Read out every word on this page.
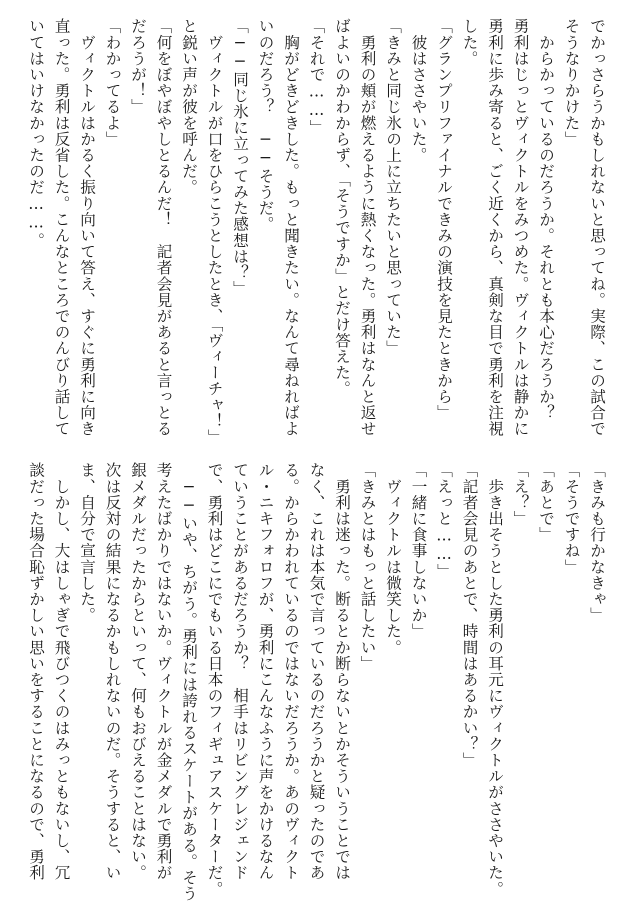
でかっさらうかもしれないと思ってね。実際、この試合で
そうなりかけた」
　からかっているのだろうか。それとも本心だろうか？
勇利はじっとヴィクトルをみつめた。ヴィクトルは静かに
勇利に歩み寄ると、ごく近くから、真剣な目で勇利を注視
した。
「グランプリファイナルできみの演技を見たときから」
　彼はささやいた。
「きみと同じ氷の上に立ちたいと思っていた」
　勇利の頬が燃えるように熱くなった。勇利はなんと返せ
ばよいのかわからず、「そうですか」とだけ答えた。
「それで……」
　胸がどきどきした。もっと聞きたい。なんて尋ねればよ
いのだろう？　──そうだ。
「──同じ氷に立ってみた感想は？」
　ヴィクトルが口をひらこうとしたとき、「ヴィーチャ！」
と鋭い声が彼を呼んだ。
「何をぼやぼやしとるんだ！　記者会見があると言っとる
だろうが！」
「わかってるよ」
　ヴィクトルはかるく振り向いて答え、すぐに勇利に向き
直った。勇利は反省した。こんなところでのんびり話して
いてはいけなかったのだ……。
「きみも行かなきゃ」
「そうですね」
「あとで」
「え？」
　歩き出そうとした勇利の耳元にヴィクトルがささやいた。
「記者会見のあとで、時間はあるかい？」
「えっと……」
「一緒に食事しないか」
　ヴィクトルは微笑した。
「きみとはもっと話したい」
　勇利は迷った。断るとか断らないとかそういうことでは
なく、これは本気で言っているのだろうかと疑ったのであ
る。からかわれているのではないだろうか。あのヴィクト
ル・ニキフォロフが、勇利にこんなふうに声をかけるなん
ていうことがあるだろうか？　相手はリビングレジェンド
で、勇利はどこにでもいる日本のフィギュアスケーターだ。
　──いや、ちがう。勇利には誇れるスケートがある。そう
考えたばかりではないか。ヴィクトルが金メダルで勇利が
銀メダルだったからといって、何もおびえることはない。
次は反対の結果になるかもしれないのだ。そうすると、い
ま、自分で宣言した。
　しかし、大はしゃぎで飛びつくのはみっともないし、冗
談だった場合恥ずかしい思いをすることになるので、勇利
